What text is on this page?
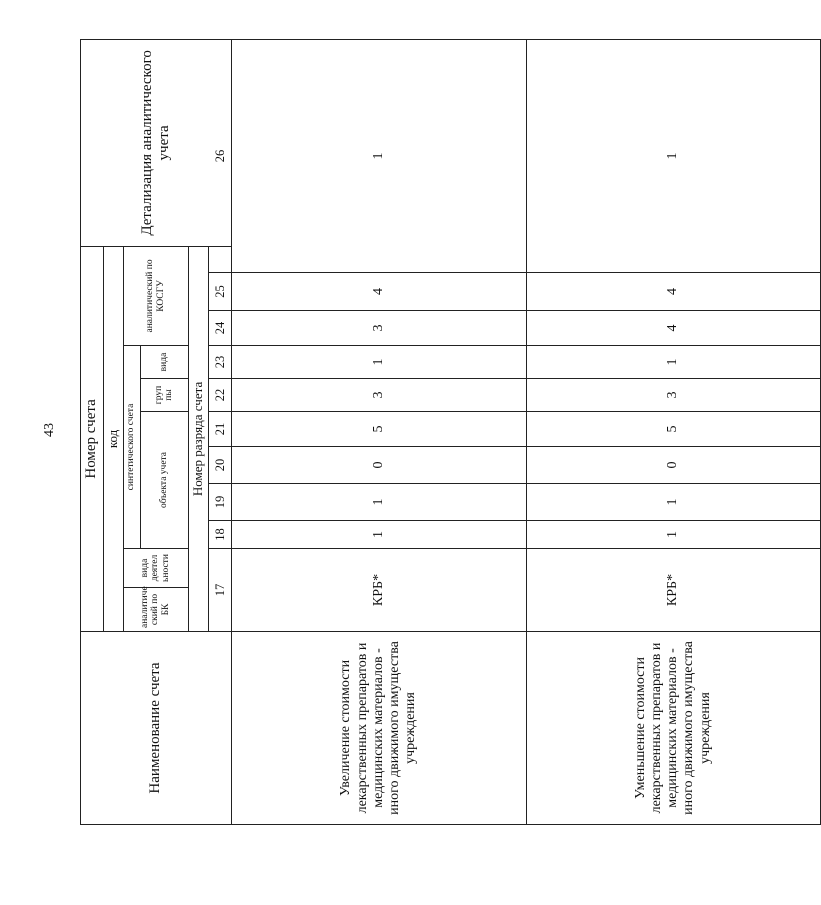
43
Наименование счета	Номер счета											Детализация аналитического учета	
	код												
	аналитиче ский по БК	вида деятел ьности	синтетического счета						аналитический по КОСГУ				
			объекта учета				груп пы	вида					
	Номер разряда счета												
	17		18	19	20	21	22	23	24	25	26		
Увеличение стоимости лекарственных препаратов и медицинских материалов - иного движимого имущества учреждения	КРБ*		1	1	0	5	3	1	3	4	1	
Уменьшение стоимости лекарственных препаратов и медицинских материалов - иного движимого имущества учреждения	КРБ*		1	1	0	5	3	1	4	4	1	
